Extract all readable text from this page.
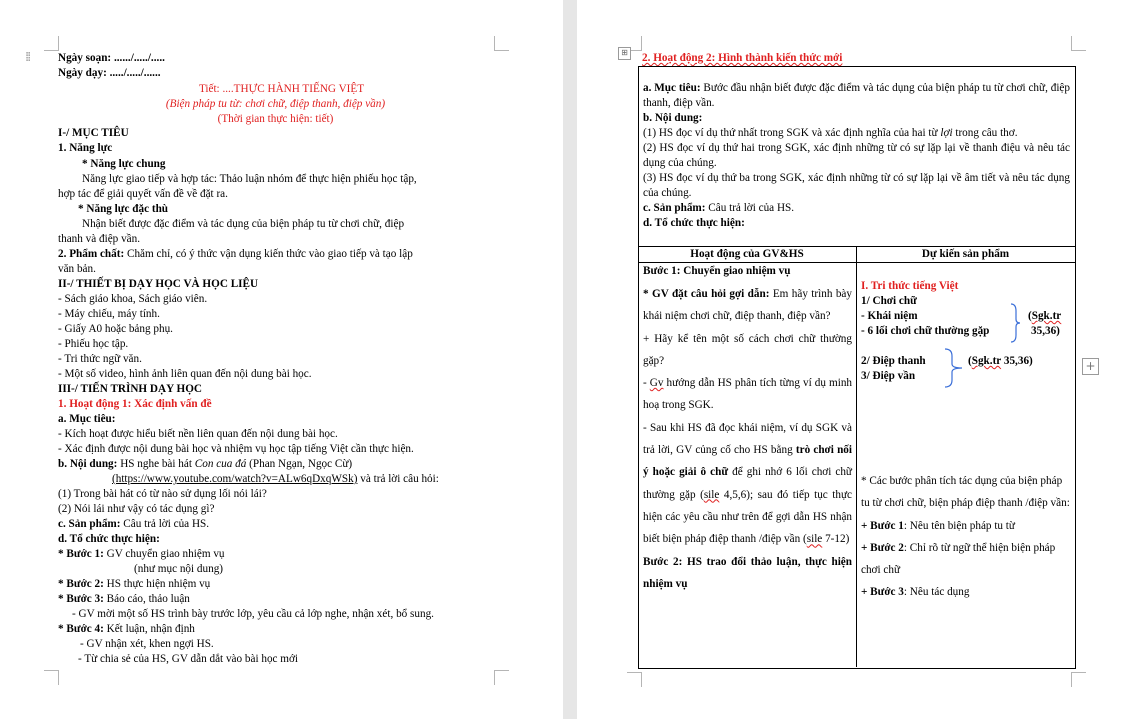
⁞⁞	Ngày soạn: ....../...../.....
Ngày dạy: ...../...../......
Tiết: ....THỰC HÀNH TIẾNG VIỆT
(Biện pháp tu từ: chơi chữ, điệp thanh, điệp vần)
(Thời gian thực hiện: tiết)
I-/ MỤC TIÊU
1. Năng lực
* Năng lực chung
Năng lực giao tiếp và hợp tác: Thảo luận nhóm để thực hiện phiếu học tập,
hợp tác để giải quyết vấn đề về đặt ra.
* Năng lực đặc thù
Nhận biết được đặc điểm và tác dụng của biện pháp tu từ chơi chữ, điệp
thanh và điệp vần.
2. Phẩm chất: Chăm chỉ, có ý thức vận dụng kiến thức vào giao tiếp và tạo lập
văn bản.
II-/ THIẾT BỊ DẠY HỌC VÀ HỌC LIỆU
- Sách giáo khoa, Sách giáo viên.
- Máy chiếu, máy tính.
- Giấy A0 hoặc bảng phụ.
- Phiếu học tập.
- Tri thức ngữ văn.
- Một số video, hình ảnh liên quan đến nội dung bài học.
III-/ TIẾN TRÌNH DẠY HỌC
1. Hoạt động 1: Xác định vấn đề
a. Mục tiêu:
- Kích hoạt được hiểu biết nền liên quan đến nội dung bài học.
- Xác định được nội dung bài học và nhiệm vụ học tập tiếng Việt cần thực hiện.
b. Nội dung: HS nghe bài hát Con cua đá (Phan Ngạn, Ngọc Cừ)
(https://www.youtube.com/watch?v=ALw6qDxqWSk) và trả lời câu hỏi:
(1) Trong bài hát có từ nào sử dụng lối nói lái?
(2) Nói lái như vậy có tác dụng gì?
c. Sản phẩm: Câu trả lời của HS.
d. Tổ chức thực hiện:
* Bước 1: GV chuyển giao nhiệm vụ
(như mục nội dung)
* Bước 2: HS thực hiện nhiệm vụ
* Bước 3: Báo cáo, thảo luận
- GV mời một số HS trình bày trước lớp, yêu cầu cả lớp nghe, nhận xét, bổ sung.
* Bước 4: Kết luận, nhận định
- GV nhận xét, khen ngợi HS.
- Từ chia sẻ của HS, GV dẫn dắt vào bài học mới
⊞ 2. Hoạt động 2: Hình thành kiến thức mới

a. Mục tiêu: Bước đầu nhận biết được đặc điểm và tác dụng của biện pháp tu từ chơi chữ, điệp thanh, điệp vần.

b. Nội dung:

(1) HS đọc ví dụ thứ nhất trong SGK và xác định nghĩa của hai từ lợi trong câu thơ.

(2) HS đọc ví dụ thứ hai trong SGK, xác định những từ có sự lặp lại về thanh điệu và nêu tác dụng của chúng.

(3) HS đọc ví dụ thứ ba trong SGK, xác định những từ có sự lặp lại về âm tiết và nêu tác dụng của chúng.

c. Sản phẩm: Câu trả lời của HS.

d. Tổ chức thực hiện:

Hoạt động của GV&HS	Dự kiến sản phẩm

Bước 1: Chuyển giao nhiệm vụ

* GV đặt câu hỏi gợi dẫn: Em hãy trình bày khái niệm chơi chữ, điệp thanh, điệp vần?

+ Hãy kể tên một số cách chơi chữ thường gặp?

- Gv hướng dẫn HS phân tích từng ví dụ minh hoạ trong SGK.

- Sau khi HS đã đọc khái niệm, ví dụ SGK và trả lời, GV củng cố cho HS bằng trò chơi nối ý hoặc giải ô chữ để ghi nhớ 6 lối chơi chữ thường gặp (sile 4,5,6); sau đó tiếp tục thực hiện các yêu cầu như trên để gợi dẫn HS nhận biết biện pháp điệp thanh /điệp vần (sile 7-12)

Bước 2: HS trao đổi thảo luận, thực hiện nhiệm vụ

I. Tri thức tiếng Việt
1/ Chơi chữ
- Khái niệm
- 6 lối chơi chữ thường gặp
(Sgk.tr
35,36)
2/ Điệp thanh
3/ Điệp vần
(Sgk.tr 35,36)

* Các bước phân tích tác dụng của biện pháp tu từ chơi chữ, biện pháp điệp thanh /điệp vần:

+ Bước 1: Nêu tên biện pháp tu từ

+ Bước 2: Chỉ rõ từ ngữ thể hiện biện pháp chơi chữ

+ Bước 3: Nêu tác dụng

+
